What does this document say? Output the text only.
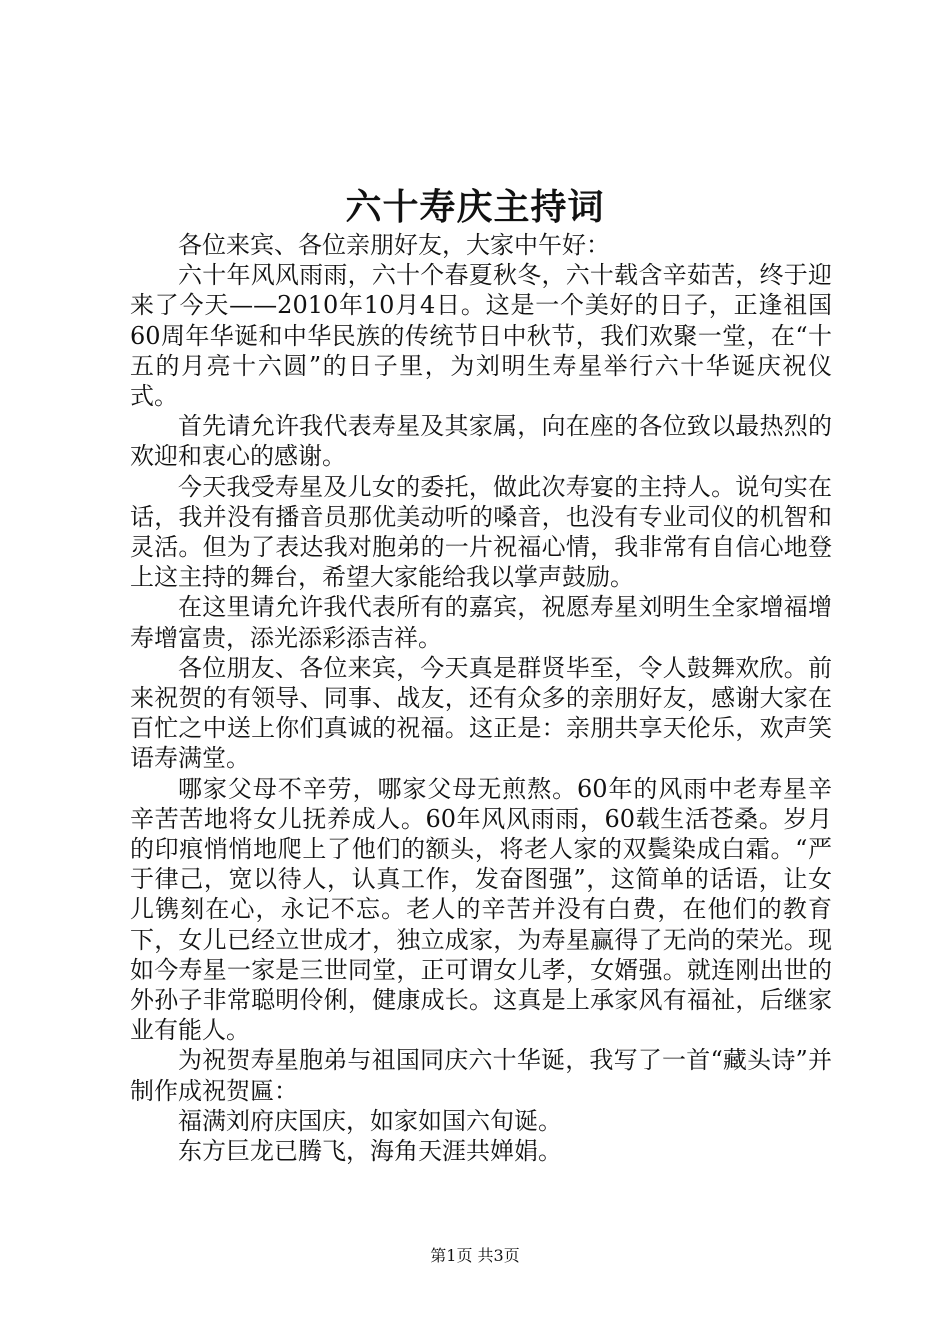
六十寿庆主持词

各位来宾、各位亲朋好友，大家中午好：

六十年风风雨雨，六十个春夏秋冬，六十载含辛茹苦，终于迎来了今天——2010年10月4日。这是一个美好的日子，正逢祖国60周年华诞和中华民族的传统节日中秋节，我们欢聚一堂，在“十五的月亮十六圆”的日子里，为刘明生寿星举行六十华诞庆祝仪式。

首先请允许我代表寿星及其家属，向在座的各位致以最热烈的欢迎和衷心的感谢。

今天我受寿星及儿女的委托，做此次寿宴的主持人。说句实在话，我并没有播音员那优美动听的嗓音，也没有专业司仪的机智和灵活。但为了表达我对胞弟的一片祝福心情，我非常有自信心地登上这主持的舞台，希望大家能给我以掌声鼓励。

在这里请允许我代表所有的嘉宾，祝愿寿星刘明生全家增福增寿增富贵，添光添彩添吉祥。

各位朋友、各位来宾，今天真是群贤毕至，令人鼓舞欢欣。前来祝贺的有领导、同事、战友，还有众多的亲朋好友，感谢大家在百忙之中送上你们真诚的祝福。这正是：亲朋共享天伦乐，欢声笑语寿满堂。

哪家父母不辛劳，哪家父母无煎熬。60年的风雨中老寿星辛辛苦苦地将女儿抚养成人。60年风风雨雨，60载生活苍桑。岁月的印痕悄悄地爬上了他们的额头，将老人家的双鬓染成白霜。“严于律己，宽以待人，认真工作，发奋图强”，这简单的话语，让女儿镌刻在心，永记不忘。老人的辛苦并没有白费，在他们的教育下，女儿已经立世成才，独立成家，为寿星赢得了无尚的荣光。现如今寿星一家是三世同堂，正可谓女儿孝，女婿强。就连刚出世的外孙子非常聪明伶俐，健康成长。这真是上承家风有福祉，后继家业有能人。

为祝贺寿星胞弟与祖国同庆六十华诞，我写了一首“藏头诗”并制作成祝贺匾：

福满刘府庆国庆，如家如国六旬诞。

东方巨龙已腾飞，海角天涯共婵娟。

第1页 共3页
